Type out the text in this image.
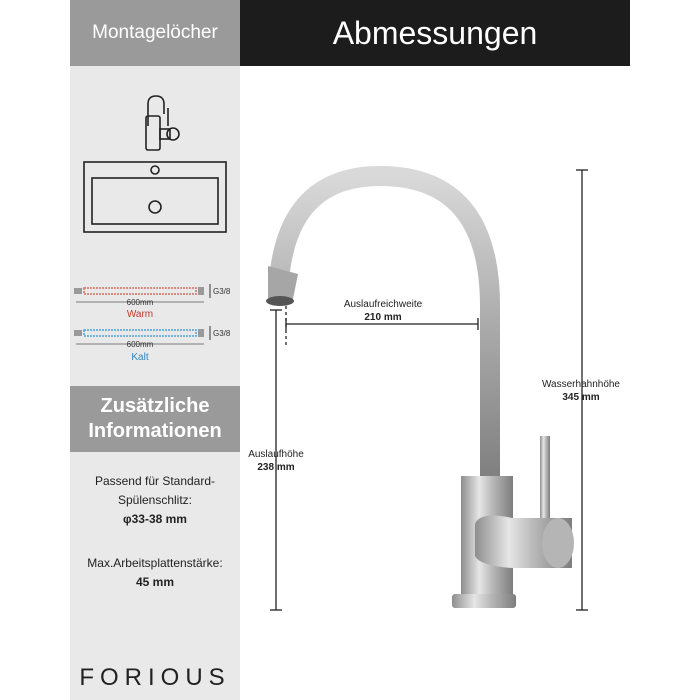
Montagelöcher	Abmessungen
G3/8
600mm
Warm
G3/8
600mm
Kalt
Zusätzliche
Informationen
Passend für Standard-
Spülenschlitz:
φ33-38 mm
Max.Arbeitsplattenstärke:
45 mm
FORIOUS
Auslaufreichweite
210 mm
Auslaufhöhe
238 mm
Wasserhahnhöhe
345 mm
